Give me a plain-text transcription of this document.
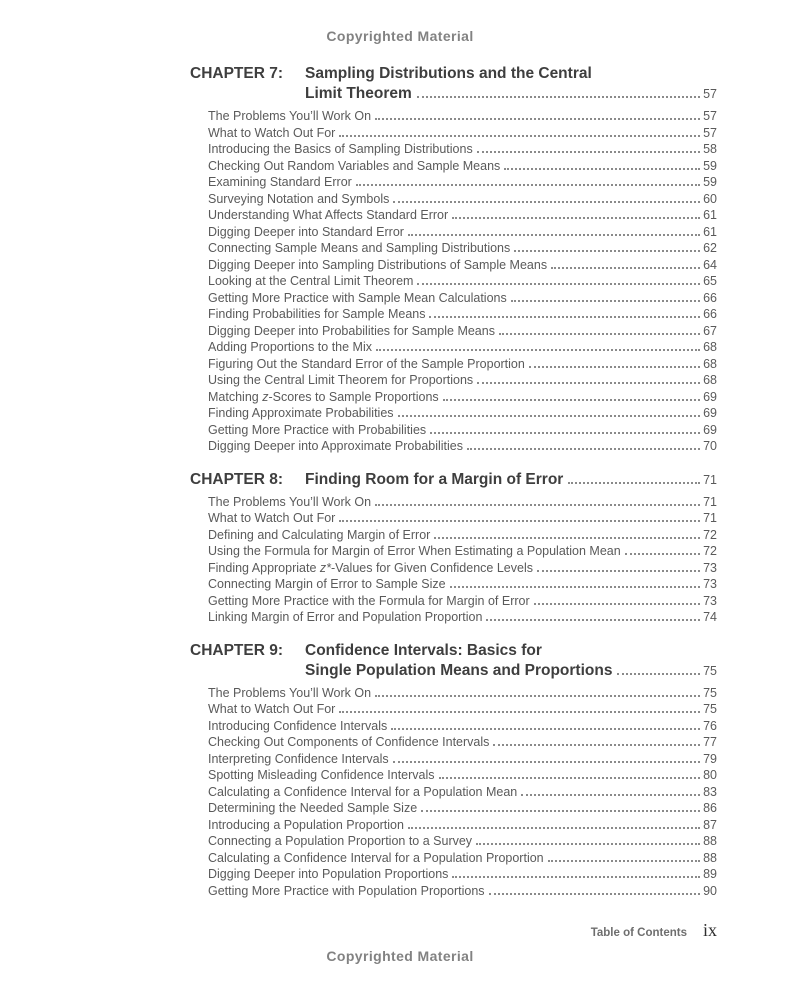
Copyrighted Material
CHAPTER 7:	Sampling Distributions and the Central
Limit Theorem	57
The Problems You’ll Work On	57
What to Watch Out For	57
Introducing the Basics of Sampling Distributions	58
Checking Out Random Variables and Sample Means	59
Examining Standard Error	59
Surveying Notation and Symbols	60
Understanding What Affects Standard Error	61
Digging Deeper into Standard Error	61
Connecting Sample Means and Sampling Distributions	62
Digging Deeper into Sampling Distributions of Sample Means	64
Looking at the Central Limit Theorem	65
Getting More Practice with Sample Mean Calculations	66
Finding Probabilities for Sample Means	66
Digging Deeper into Probabilities for Sample Means	67
Adding Proportions to the Mix	68
Figuring Out the Standard Error of the Sample Proportion	68
Using the Central Limit Theorem for Proportions	68
Matching z-Scores to Sample Proportions	69
Finding Approximate Probabilities	69
Getting More Practice with Probabilities	69
Digging Deeper into Approximate Probabilities	70
CHAPTER 8:	Finding Room for a Margin of Error	71
The Problems You’ll Work On	71
What to Watch Out For	71
Defining and Calculating Margin of Error	72
Using the Formula for Margin of Error When Estimating a Population Mean	72
Finding Appropriate z*-Values for Given Confidence Levels	73
Connecting Margin of Error to Sample Size	73
Getting More Practice with the Formula for Margin of Error	73
Linking Margin of Error and Population Proportion	74
CHAPTER 9:	Confidence Intervals: Basics for
Single Population Means and Proportions	75
The Problems You’ll Work On	75
What to Watch Out For	75
Introducing Confidence Intervals	76
Checking Out Components of Confidence Intervals	77
Interpreting Confidence Intervals	79
Spotting Misleading Confidence Intervals	80
Calculating a Confidence Interval for a Population Mean	83
Determining the Needed Sample Size	86
Introducing a Population Proportion	87
Connecting a Population Proportion to a Survey	88
Calculating a Confidence Interval for a Population Proportion	88
Digging Deeper into Population Proportions	89
Getting More Practice with Population Proportions	90
Table of Contents ix
Copyrighted Material
